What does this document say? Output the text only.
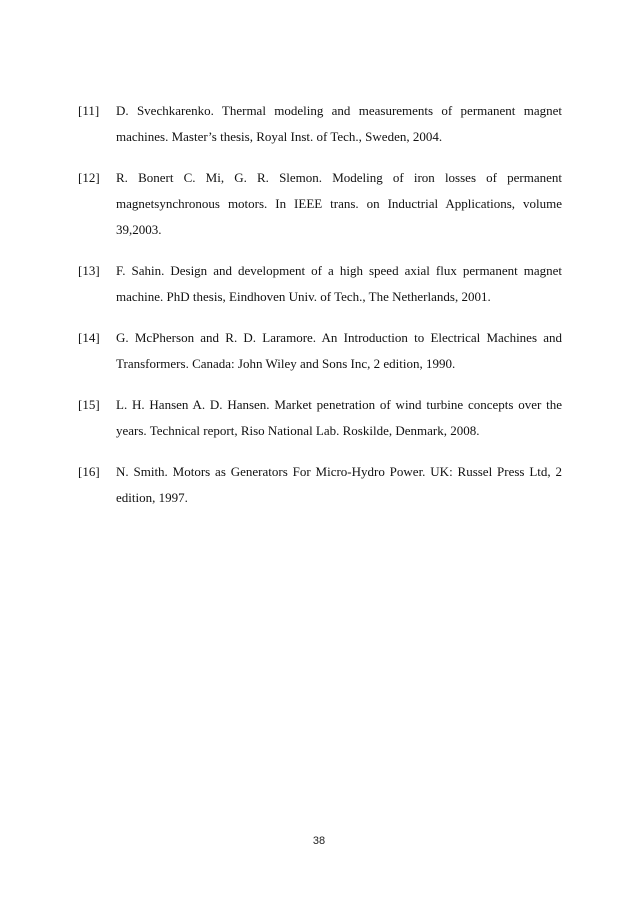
[11]	D. Svechkarenko. Thermal modeling and measurements of permanent magnet
machines. Master’s thesis, Royal Inst. of Tech., Sweden, 2004.
[12]	R. Bonert C. Mi, G. R. Slemon. Modeling of iron losses of permanent
magnetsynchronous motors. In IEEE trans. on Inductrial Applications, volume
39,2003.
[13]	F. Sahin. Design and development of a high speed axial flux permanent magnet
machine. PhD thesis, Eindhoven Univ. of Tech., The Netherlands, 2001.
[14]	G. McPherson and R. D. Laramore. An Introduction to Electrical Machines and
Transformers. Canada: John Wiley and Sons Inc, 2 edition, 1990.
[15]	L. H. Hansen A. D. Hansen. Market penetration of wind turbine concepts over the
years. Technical report, Riso National Lab. Roskilde, Denmark, 2008.
[16]	N. Smith. Motors as Generators For Micro-Hydro Power. UK: Russel Press Ltd, 2
edition, 1997.
38
